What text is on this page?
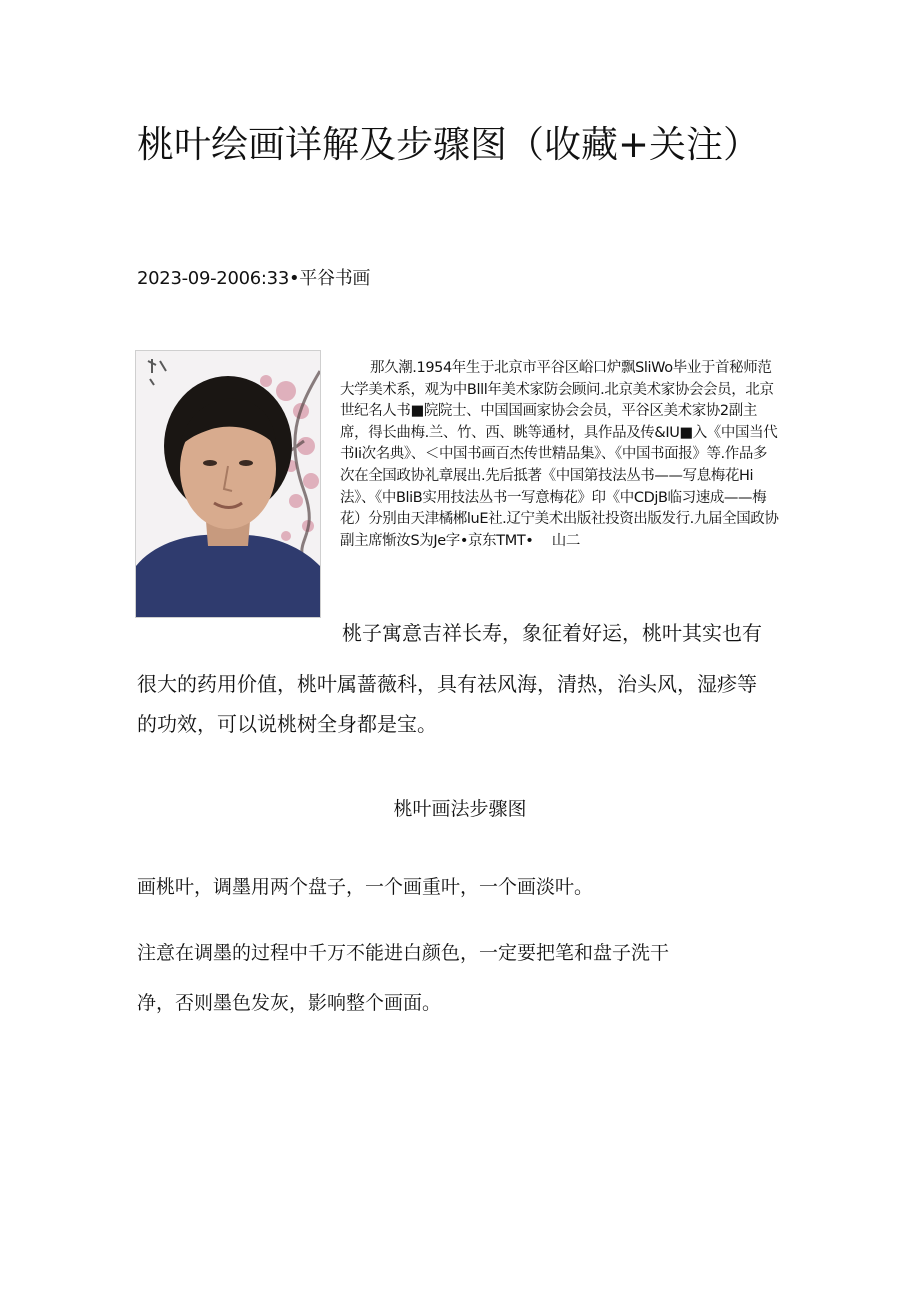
桃叶绘画详解及步骤图（收藏+关注）
2023-09-2006:33•平谷书画

那久潮.1954年生于北京市平谷区峪口炉飘SliWo毕业于首秘师范大学美术系，观为中Blll年美术家防会顾问.北京美术家协会会员，北京世纪名人书■院院士、中国国画家协会会员，平谷区美术家协2副主席，得长曲梅.兰、竹、西、眺等通材，具作品及传&IU■入《中国当代书Ii次名典》、＜中国书画百杰传世精品集》、《中国书面报》等.作品多次在全国政协礼章展出.先后抵著《中国第技法丛书——写息梅花Hi法》、《中BliB实用技法丛书一写意梅花》印《中CDjB临习速成——梅花）分别由天津橘郴luE社.辽宁美术出版社投资出版发行.九届全国政协副主席惭汝S为Je字•京东TMT•　 山二

桃子寓意吉祥长寿，象征着好运，桃叶其实也有

很大的药用价值，桃叶属蔷薇科，具有祛风海，清热，治头风，湿疹等
的功效，可以说桃树全身都是宝。
桃叶画法步骤图

画桃叶，调墨用两个盘子，一个画重叶，一个画淡叶。

注意在调墨的过程中千万不能进白颜色，一定要把笔和盘子洗干
净，否则墨色发灰，影响整个画面。
